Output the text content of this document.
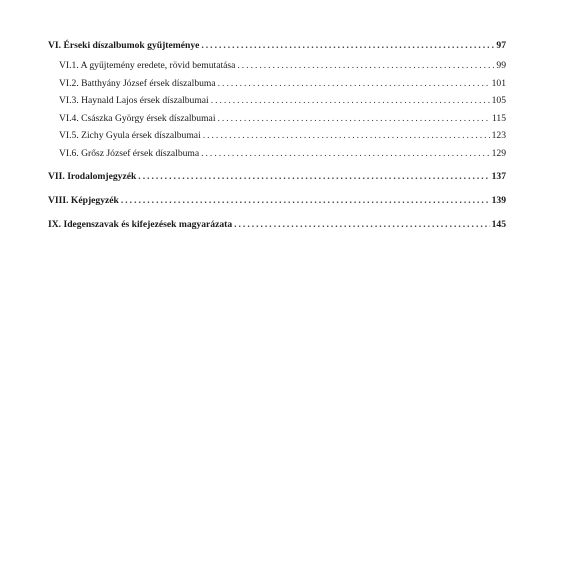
VI. Érseki díszalbumok gyűjteménye . . .	97
VI.1. A gyűjtemény eredete, rövid bemutatása . . .	99
VI.2. Batthyány József érsek díszalbuma . . .	101
VI.3. Haynald Lajos érsek díszalbumai . . .	105
VI.4. Császka György érsek díszalbumai . . .	115
VI.5. Zichy Gyula érsek díszalbumai . . .	123
VI.6. Grősz József érsek díszalbuma . . .	129
VII. Irodalomjegyzék . . .	137
VIII. Képjegyzék . . .	139
IX. Idegenszavak és kifejezések magyarázata . . .	145
